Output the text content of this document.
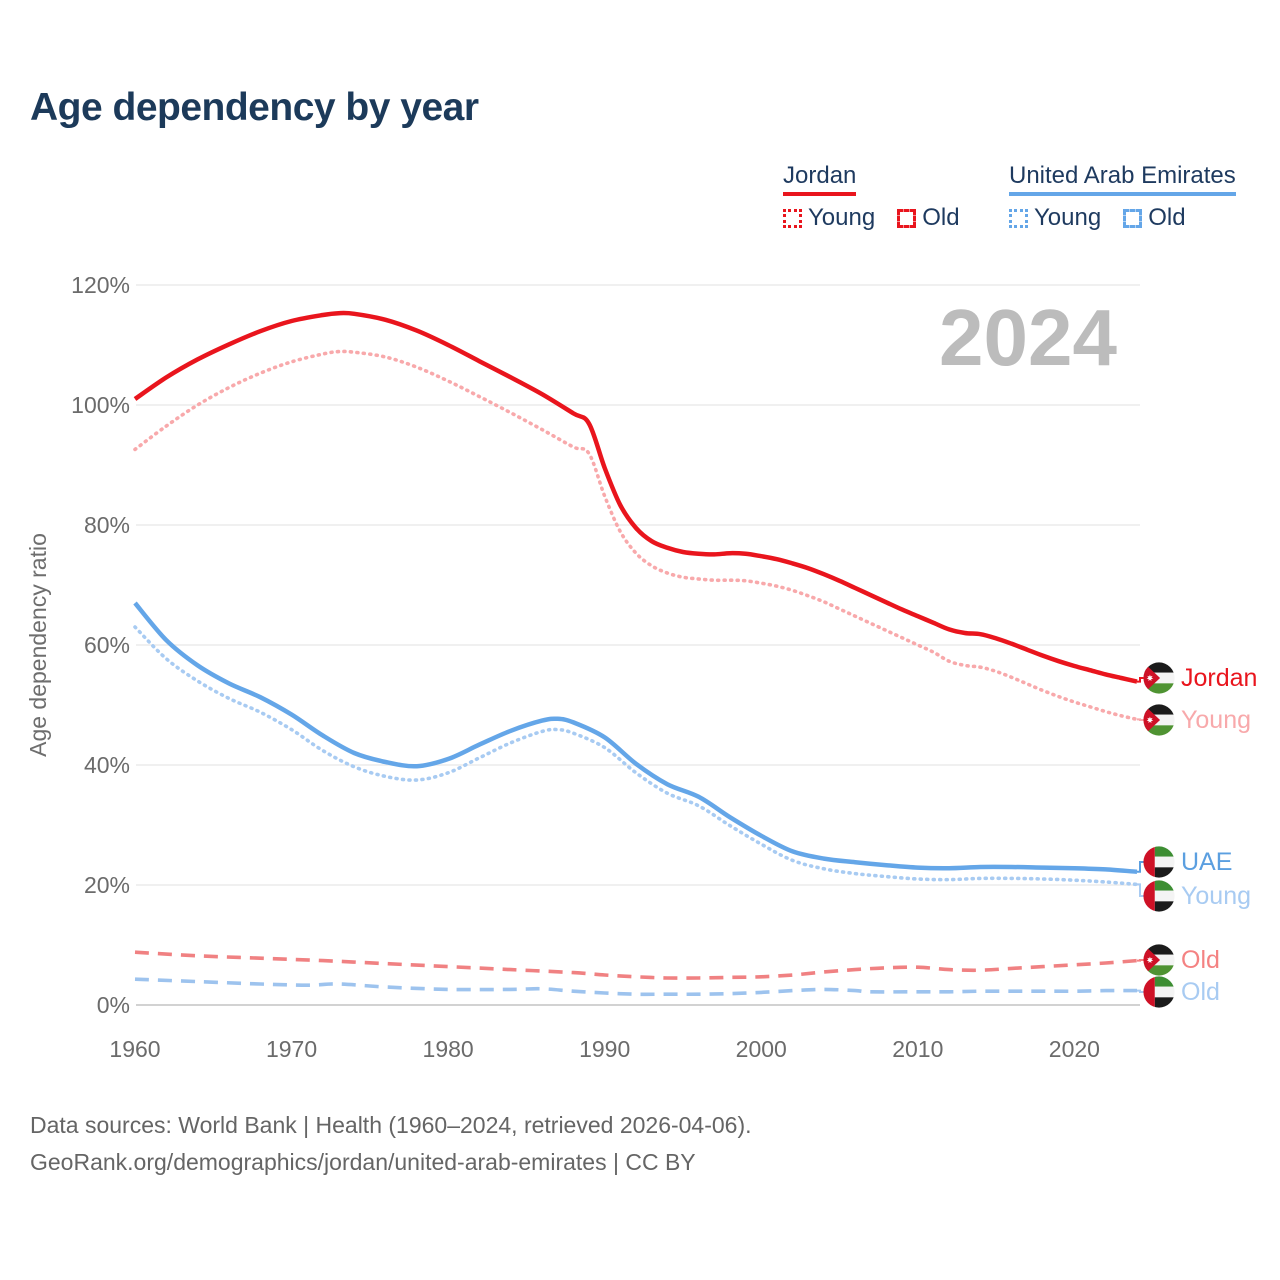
Age dependency by year
Jordan
Young Old
United Arab Emirates
Young Old
0%
20%
40%
60%
80%
100%
120%
1960	1970	1980	1990	2000	2010	2020
Age dependency ratio
2024
Jordan
Young
UAE
Young
Old
Old
Data sources: World Bank | Health (1960–2024, retrieved 2026-04-06).
GeoRank.org/demographics/jordan/united-arab-emirates | CC BY
